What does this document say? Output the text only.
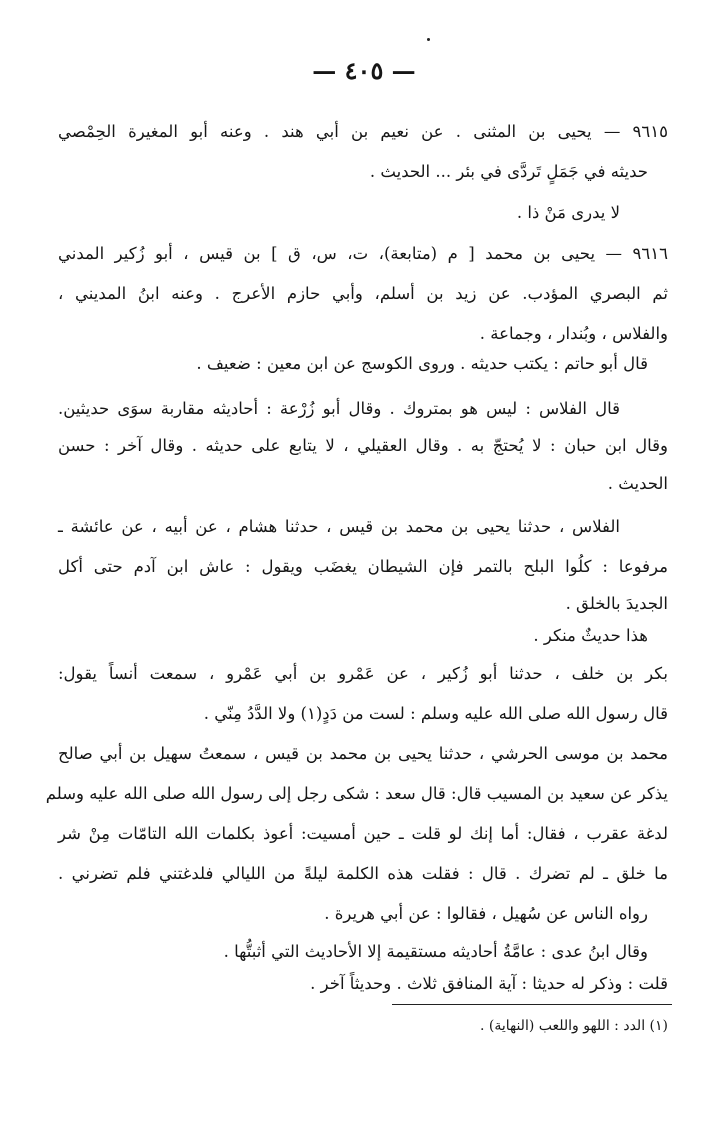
— ٤٠٥ —
٩٦١٥ — يحيى بن المثنى . عن نعيم بن أبي هند . وعنه أبو المغيرة الحِمْصي
حديثه في جَمَلٍ تَردَّى في بئر ... الحديث .
لا يدرى مَنْ ذا .
٩٦١٦ — يحيى بن محمد [ م (متابعة)، ت، س، ق ] بن قيس ، أبو زُكير المدني
ثم البصري المؤدب. عن زيد بن أسلم، وأبي حازم الأعرج . وعنه ابنُ المديني ،
والفلاس ، وبُندار ، وجماعة .
قال أبو حاتم : يكتب حديثه . وروى الكوسج عن ابن معين : ضعيف .
قال الفلاس : ليس هو بمتروك . وقال أبو زُرْعة : أحاديثه مقاربة سوَى حديثين.
وقال ابن حبان : لا يُحتجّ به . وقال العقيلي ، لا يتابع على حديثه . وقال آخر : حسن
الحديث .
الفلاس ، حدثنا يحيى بن محمد بن قيس ، حدثنا هشام ، عن أبيه ، عن عائشة ـ
مرفوعا : كلُوا البلح بالتمر فإن الشيطان يغضَب ويقول : عاش ابن آدم حتى أكل
الجديدَ بالخلق .
هذا حديثٌ منكر .
بكر بن خلف ، حدثنا أبو زُكير ، عن عَمْرو بن أبي عَمْرو ، سمعت أنساً يقول:
قال رسول الله صلى الله عليه وسلم : لست من دَدٍ(١) ولا الدَّدُ مِنّي .
محمد بن موسى الحرشي ، حدثنا يحيى بن محمد بن قيس ، سمعتُ سهيل بن أبي صالح
يذكر عن سعيد بن المسيب قال: قال سعد : شكى رجل إلى رسول الله صلى الله عليه وسلم
لدغة عقرب ، فقال: أما إنك لو قلت ـ حين أمسيت: أعوذ بكلمات الله التامّات مِنْ شر
ما خلق ـ لم تضرك . قال : فقلت هذه الكلمة ليلةً من الليالي فلدغتني فلم تضرني .
رواه الناس عن سُهيل ، فقالوا : عن أبي هريرة .
وقال ابنُ عدى : عامَّةُ أحاديثه مستقيمة إلا الأحاديث التي أثبتُّها .
قلت : وذكر له حديثا : آية المنافق ثلاث . وحديثاً آخر .
(١) الدد : اللهو واللعب (النهاية) .
